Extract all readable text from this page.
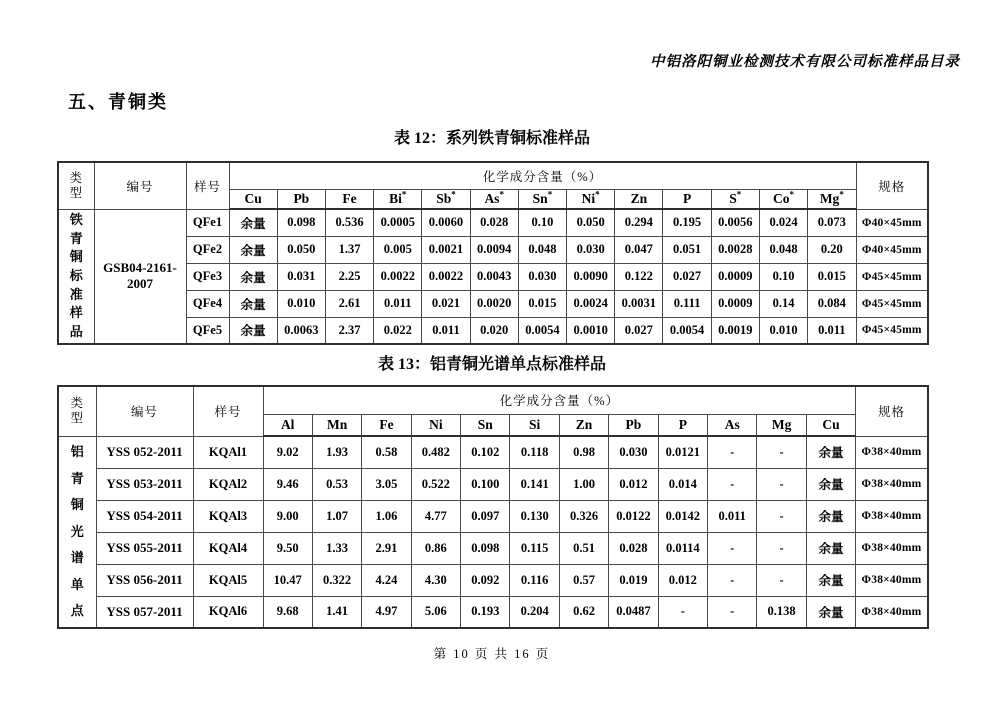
中铝洛阳铜业检测技术有限公司标准样品目录
五、青铜类
表 12：系列铁青铜标准样品
类
型	编号	样号	化学成分含量（%）													规格
			Cu	Pb	Fe	Bi*	Sb*	As*	Sn*	Ni*	Zn	P	S*	Co*	Mg*

铁
青
铜
标
准
样
品
	GSB04-2161-2007	QFe1	余量	0.098	0.536	0.0005	0.0060	0.028	0.10	0.050	0.294	0.195	0.0056	0.024	0.073	Φ40×45mm
		QFe2	余量	0.050	1.37	0.005	0.0021	0.0094	0.048	0.030	0.047	0.051	0.0028	0.048	0.20	Φ40×45mm
		QFe3	余量	0.031	2.25	0.0022	0.0022	0.0043	0.030	0.0090	0.122	0.027	0.0009	0.10	0.015	Φ45×45mm
		QFe4	余量	0.010	2.61	0.011	0.021	0.0020	0.015	0.0024	0.0031	0.111	0.0009	0.14	0.084	Φ45×45mm
		QFe5	余量	0.0063	2.37	0.022	0.011	0.020	0.0054	0.0010	0.027	0.0054	0.0019	0.010	0.011	Φ45×45mm
表 13：铝青铜光谱单点标准样品
类
型	编号	样号	化学成分含量（%）												规格
			Al	Mn	Fe	Ni	Sn	Si	Zn	Pb	P	As	Mg	Cu	

铝
青
铜
光
谱
单
点
	YSS 052-2011	KQAl1	9.02	1.93	0.58	0.482	0.102	0.118	0.98	0.030	0.0121	-	-	余量	Φ38×40mm
	YSS 053-2011	KQAl2	9.46	0.53	3.05	0.522	0.100	0.141	1.00	0.012	0.014	-	-	余量	Φ38×40mm
	YSS 054-2011	KQAl3	9.00	1.07	1.06	4.77	0.097	0.130	0.326	0.0122	0.0142	0.011	-	余量	Φ38×40mm
	YSS 055-2011	KQAl4	9.50	1.33	2.91	0.86	0.098	0.115	0.51	0.028	0.0114	-	-	余量	Φ38×40mm
	YSS 056-2011	KQAl5	10.47	0.322	4.24	4.30	0.092	0.116	0.57	0.019	0.012	-	-	余量	Φ38×40mm
	YSS 057-2011	KQAl6	9.68	1.41	4.97	5.06	0.193	0.204	0.62	0.0487	-	-	0.138	余量	Φ38×40mm
第 10 页 共 16 页
